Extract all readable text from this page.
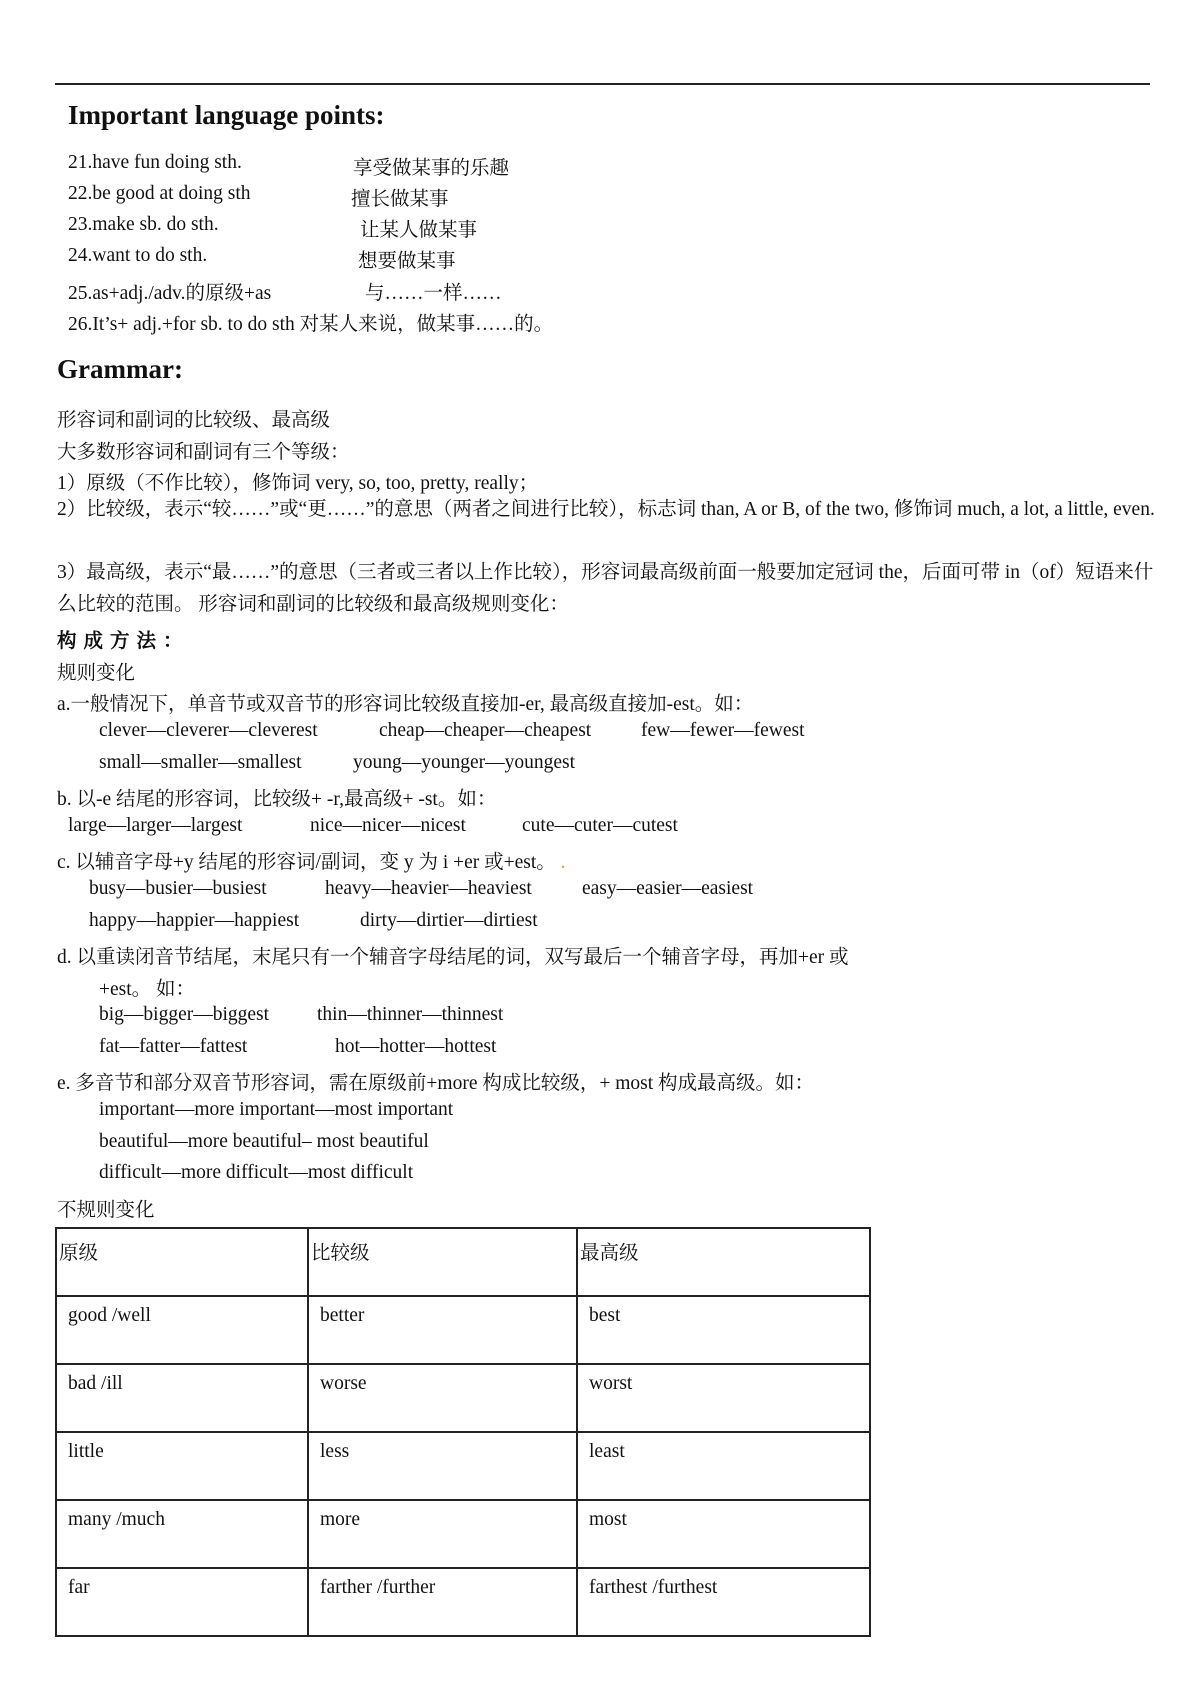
Important language points:
21.have fun doing sth.	享受做某事的乐趣
22.be good at doing sth	擅长做某事
23.make sb. do sth.	让某人做某事
24.want to do sth.	想要做某事
25.as+adj./adv.的原级+as	与……一样……
26.It’s+ adj.+for sb. to do sth 对某人来说，做某事……的。
Grammar:
形容词和副词的比较级、最高级
大多数形容词和副词有三个等级：
1）原级（不作比较），修饰词 very, so, too, pretty, really；
2）比较级，表示“较……”或“更……”的意思（两者之间进行比较），标志词 than, A or B, of the two, 修饰词 much, a lot, a little, even.
3）最高级，表示“最……”的意思（三者或三者以上作比较），形容词最高级前面一般要加定冠词 the，后面可带 in（of）短语来什么比较的范围。 形容词和副词的比较级和最高级规则变化：
构成方法：
规则变化
a.一般情况下，单音节或双音节的形容词比较级直接加-er, 最高级直接加-est。如：
clever—cleverer—cleverest	cheap—cheaper—cheapest	few—fewer—fewest
small—smaller—smallest	young—younger—youngest
b. 以-e 结尾的形容词，比较级+ -r,最高级+ -st。如：
large—larger—largest	nice—nicer—nicest	cute—cuter—cutest
c. 以辅音字母+y 结尾的形容词/副词，变 y 为 i +er 或+est。 .
busy—busier—busiest	heavy—heavier—heaviest	easy—easier—easiest
happy—happier—happiest	dirty—dirtier—dirtiest
d. 以重读闭音节结尾，末尾只有一个辅音字母结尾的词，双写最后一个辅音字母，再加+er 或
+est。 如：
big—bigger—biggest thin—thinner—thinnest
fat—fatter—fattest	hot—hotter—hottest
e. 多音节和部分双音节形容词，需在原级前+more 构成比较级，+ most 构成最高级。如：
important—more important—most important
beautiful—more beautiful– most beautiful
difficult—more difficult—most difficult
不规则变化
原级	比较级	最高级
good /well	better	best
bad /ill	worse	worst
little	less	least
many /much	more	most
far	farther /further	farthest /furthest
